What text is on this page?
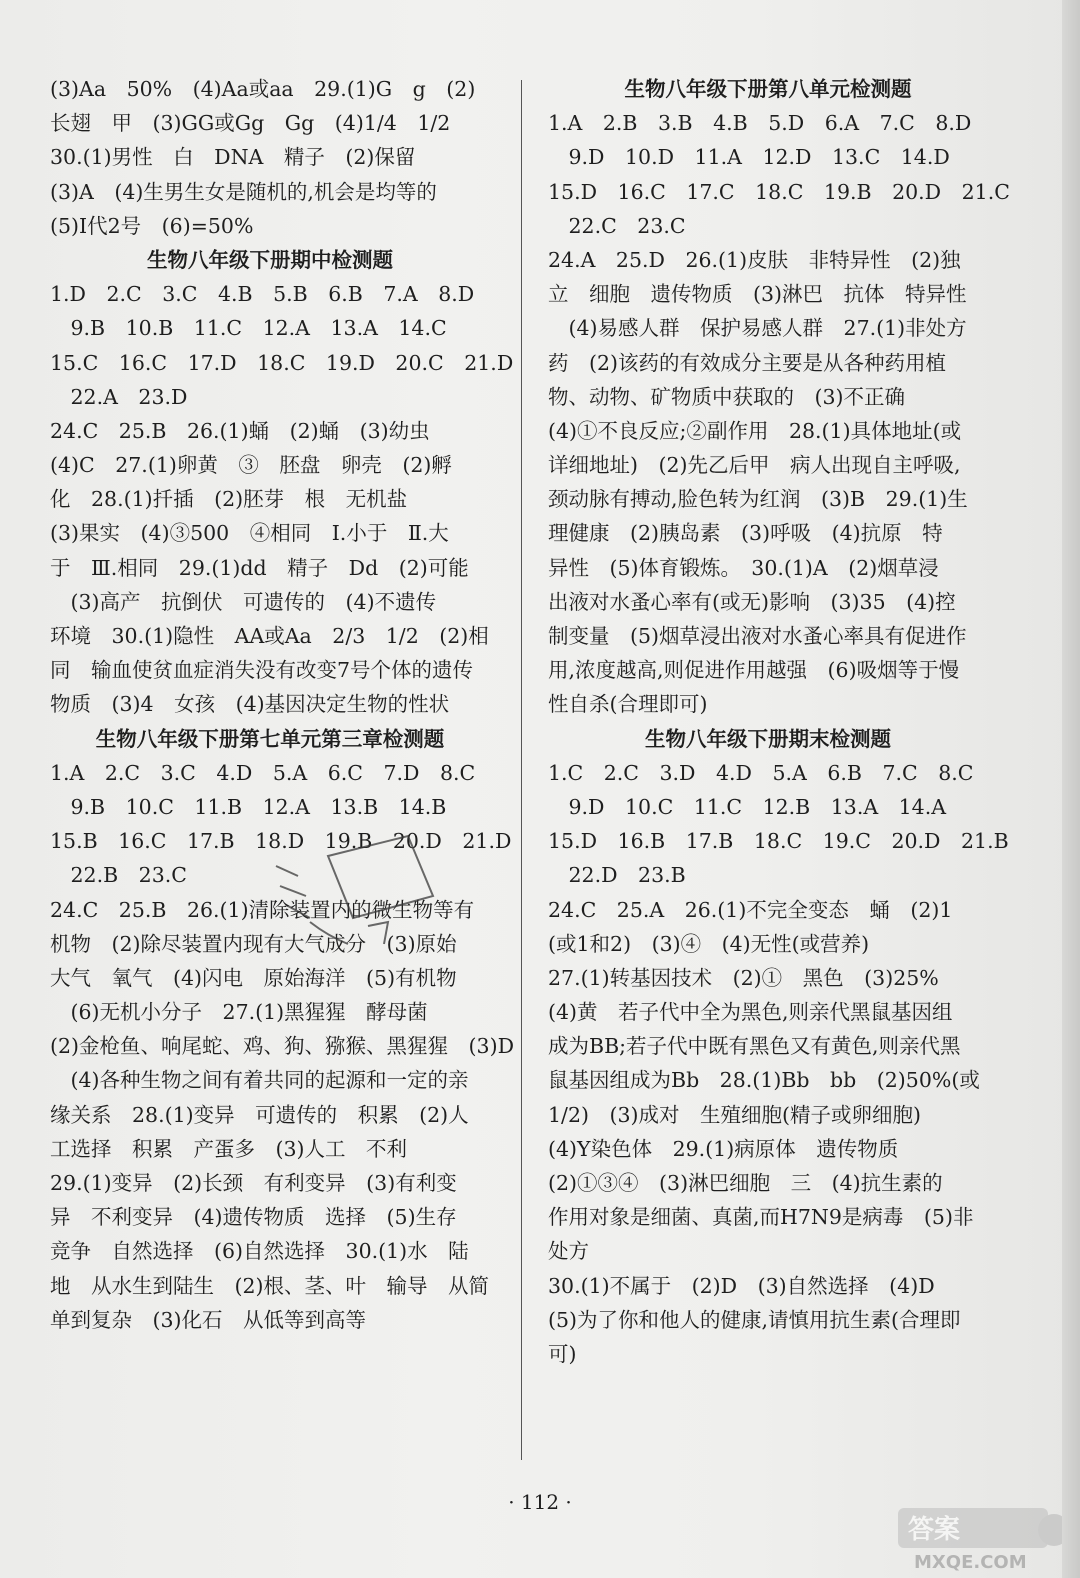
(3)Aa　50%　(4)Aa或aa　29.(1)G　g　(2)
长翅　甲　(3)GG或Gg　Gg　(4)1/4　1/2
30.(1)男性　白　DNA　精子　(2)保留
(3)A　(4)生男生女是随机的,机会是均等的
(5)Ⅰ代2号　(6)=50%
生物八年级下册期中检测题
1.D　2.C　3.C　4.B　5.B　6.B　7.A　8.D
　9.B　10.B　11.C　12.A　13.A　14.C
15.C　16.C　17.D　18.C　19.D　20.C　21.D
　22.A　23.D
24.C　25.B　26.(1)蛹　(2)蛹　(3)幼虫
(4)C　27.(1)卵黄　③　胚盘　卵壳　(2)孵
化　28.(1)扦插　(2)胚芽　根　无机盐
(3)果实　(4)③500　④相同　Ⅰ.小于　Ⅱ.大
于　Ⅲ.相同　29.(1)dd　精子　Dd　(2)可能
　(3)高产　抗倒伏　可遗传的　(4)不遗传
环境　30.(1)隐性　AA或Aa　2/3　1/2　(2)相
同　输血使贫血症消失没有改变7号个体的遗传
物质　(3)4　女孩　(4)基因决定生物的性状
生物八年级下册第七单元第三章检测题
1.A　2.C　3.C　4.D　5.A　6.C　7.D　8.C
　9.B　10.C　11.B　12.A　13.B　14.B
15.B　16.C　17.B　18.D　19.B　20.D　21.D
　22.B　23.C
24.C　25.B　26.(1)清除装置内的微生物等有
机物　(2)除尽装置内现有大气成分　(3)原始
大气　氧气　(4)闪电　原始海洋　(5)有机物
　(6)无机小分子　27.(1)黑猩猩　酵母菌
(2)金枪鱼、响尾蛇、鸡、狗、猕猴、黑猩猩　(3)D
　(4)各种生物之间有着共同的起源和一定的亲
缘关系　28.(1)变异　可遗传的　积累　(2)人
工选择　积累　产蛋多　(3)人工　不利
29.(1)变异　(2)长颈　有利变异　(3)有利变
异　不利变异　(4)遗传物质　选择　(5)生存
竞争　自然选择　(6)自然选择　30.(1)水　陆
地　从水生到陆生　(2)根、茎、叶　输导　从简
单到复杂　(3)化石　从低等到高等
生物八年级下册第八单元检测题
1.A　2.B　3.B　4.B　5.D　6.A　7.C　8.D
　9.D　10.D　11.A　12.D　13.C　14.D
15.D　16.C　17.C　18.C　19.B　20.D　21.C
　22.C　23.C
24.A　25.D　26.(1)皮肤　非特异性　(2)独
立　细胞　遗传物质　(3)淋巴　抗体　特异性
　(4)易感人群　保护易感人群　27.(1)非处方
药　(2)该药的有效成分主要是从各种药用植
物、动物、矿物质中获取的　(3)不正确
(4)①不良反应;②副作用　28.(1)具体地址(或
详细地址)　(2)先乙后甲　病人出现自主呼吸,
颈动脉有搏动,脸色转为红润　(3)B　29.(1)生
理健康　(2)胰岛素　(3)呼吸　(4)抗原　特
异性　(5)体育锻炼。　30.(1)A　(2)烟草浸
出液对水蚤心率有(或无)影响　(3)35　(4)控
制变量　(5)烟草浸出液对水蚤心率具有促进作
用,浓度越高,则促进作用越强　(6)吸烟等于慢
性自杀(合理即可)
生物八年级下册期末检测题
1.C　2.C　3.D　4.D　5.A　6.B　7.C　8.C
　9.D　10.C　11.C　12.B　13.A　14.A
15.D　16.B　17.B　18.C　19.C　20.D　21.B
　22.D　23.B
24.C　25.A　26.(1)不完全变态　蛹　(2)1
(或1和2)　(3)④　(4)无性(或营养)
27.(1)转基因技术　(2)①　黑色　(3)25%
(4)黄　若子代中全为黑色,则亲代黑鼠基因组
成为BB;若子代中既有黑色又有黄色,则亲代黑
鼠基因组成为Bb　28.(1)Bb　bb　(2)50%(或
1/2)　(3)成对　生殖细胞(精子或卵细胞)
(4)Y染色体　29.(1)病原体　遗传物质
(2)①③④　(3)淋巴细胞　三　(4)抗生素的
作用对象是细菌、真菌,而H7N9是病毒　(5)非
处方
30.(1)不属于　(2)D　(3)自然选择　(4)D
(5)为了你和他人的健康,请慎用抗生素(合理即
可)
· 112 ·
答案
MXQE.COM
